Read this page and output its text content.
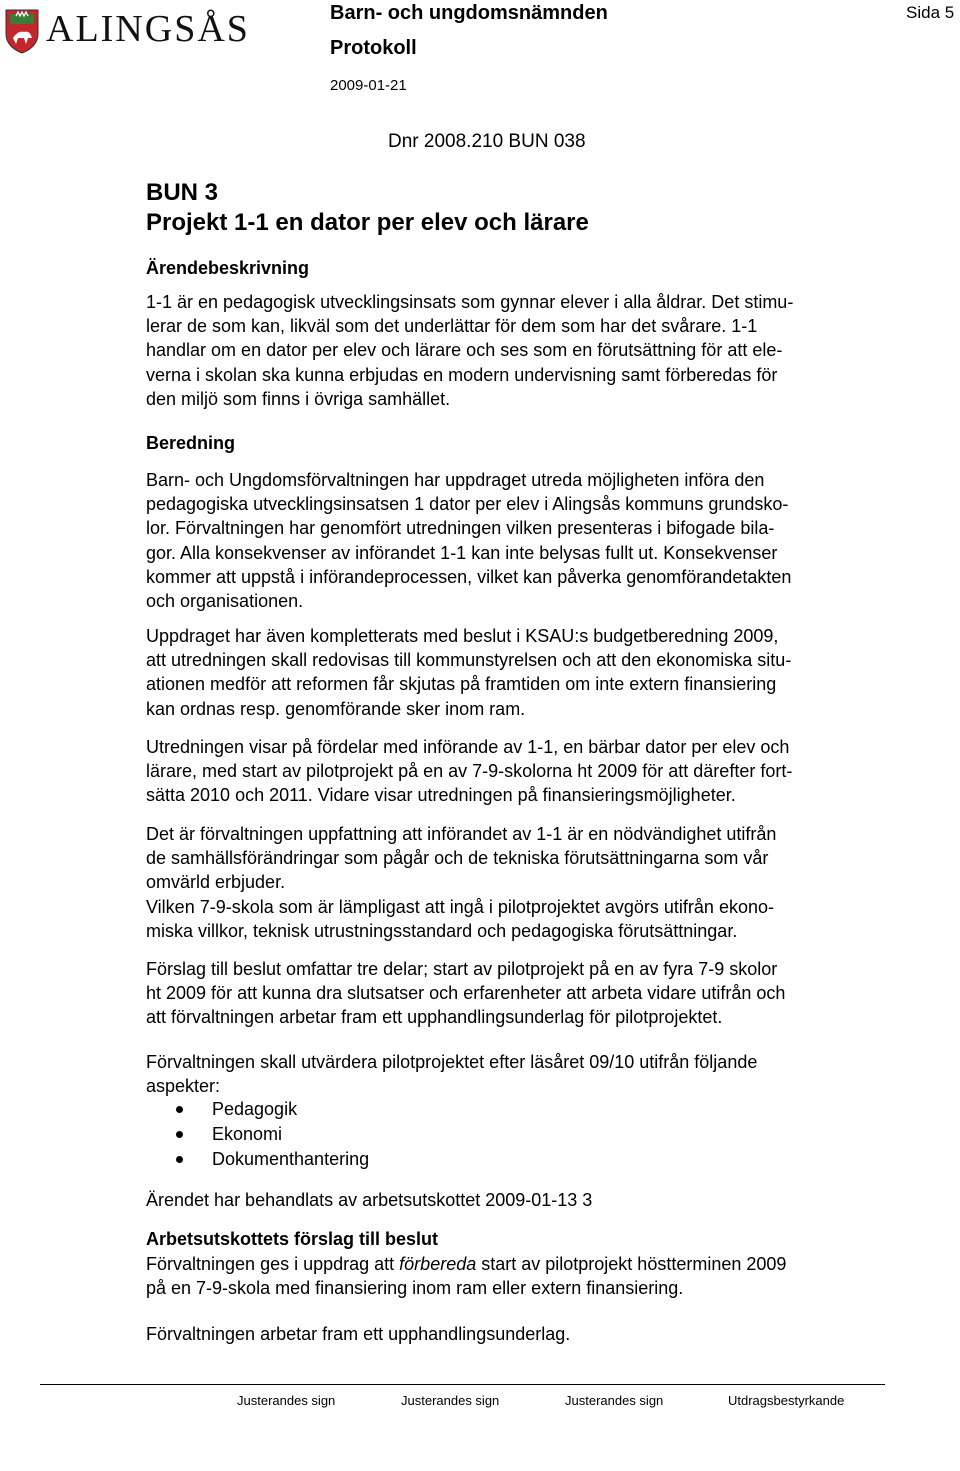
ALINGSÅS	Barn- och ungdomsnämnden
Protokoll
2009-01-21
Sida 5
Dnr 2008.210 BUN 038
BUN 3
Projekt 1-1 en dator per elev och lärare
Ärendebeskrivning
1-1 är en pedagogisk utvecklingsinsats som gynnar elever i alla åldrar. Det stimu-
lerar de som kan, likväl som det underlättar för dem som har det svårare. 1-1
handlar om en dator per elev och lärare och ses som en förutsättning för att ele-
verna i skolan ska kunna erbjudas en modern undervisning samt förberedas för
den miljö som finns i övriga samhället.
Beredning
Barn- och Ungdomsförvaltningen har uppdraget utreda möjligheten införa den
pedagogiska utvecklingsinsatsen 1 dator per elev i Alingsås kommuns grundsko-
lor. Förvaltningen har genomfört utredningen vilken presenteras i bifogade bila-
gor. Alla konsekvenser av införandet 1-1 kan inte belysas fullt ut. Konsekvenser
kommer att uppstå i införandeprocessen, vilket kan påverka genomförandetakten
och organisationen.
Uppdraget har även kompletterats med beslut i KSAU:s budgetberedning 2009,
att utredningen skall redovisas till kommunstyrelsen och att den ekonomiska situ-
ationen medför att reformen får skjutas på framtiden om inte extern finansiering
kan ordnas resp. genomförande sker inom ram.
Utredningen visar på fördelar med införande av 1-1, en bärbar dator per elev och
lärare, med start av pilotprojekt på en av 7-9-skolorna ht 2009 för att därefter fort-
sätta 2010 och 2011. Vidare visar utredningen på finansieringsmöjligheter.
Det är förvaltningen uppfattning att införandet av 1-1 är en nödvändighet utifrån
de samhällsförändringar som pågår och de tekniska förutsättningarna som vår
omvärld erbjuder.
Vilken 7-9-skola som är lämpligast att ingå i pilotprojektet avgörs utifrån ekono-
miska villkor, teknisk utrustningsstandard och pedagogiska förutsättningar.
Förslag till beslut omfattar tre delar; start av pilotprojekt på en av fyra 7-9 skolor
ht 2009 för att kunna dra slutsatser och erfarenheter att arbeta vidare utifrån och
att förvaltningen arbetar fram ett upphandlingsunderlag för pilotprojektet.
Förvaltningen skall utvärdera pilotprojektet efter läsåret 09/10 utifrån följande
aspekter:
Pedagogik
Ekonomi
Dokumenthantering
Ärendet har behandlats av arbetsutskottet 2009-01-13 3
Arbetsutskottets förslag till beslut
Förvaltningen ges i uppdrag att förbereda start av pilotprojekt höstterminen 2009
på en 7-9-skola med finansiering inom ram eller extern finansiering.
Förvaltningen arbetar fram ett upphandlingsunderlag.
Justerandes sign	Justerandes sign	Justerandes sign	Utdragsbestyrkande
